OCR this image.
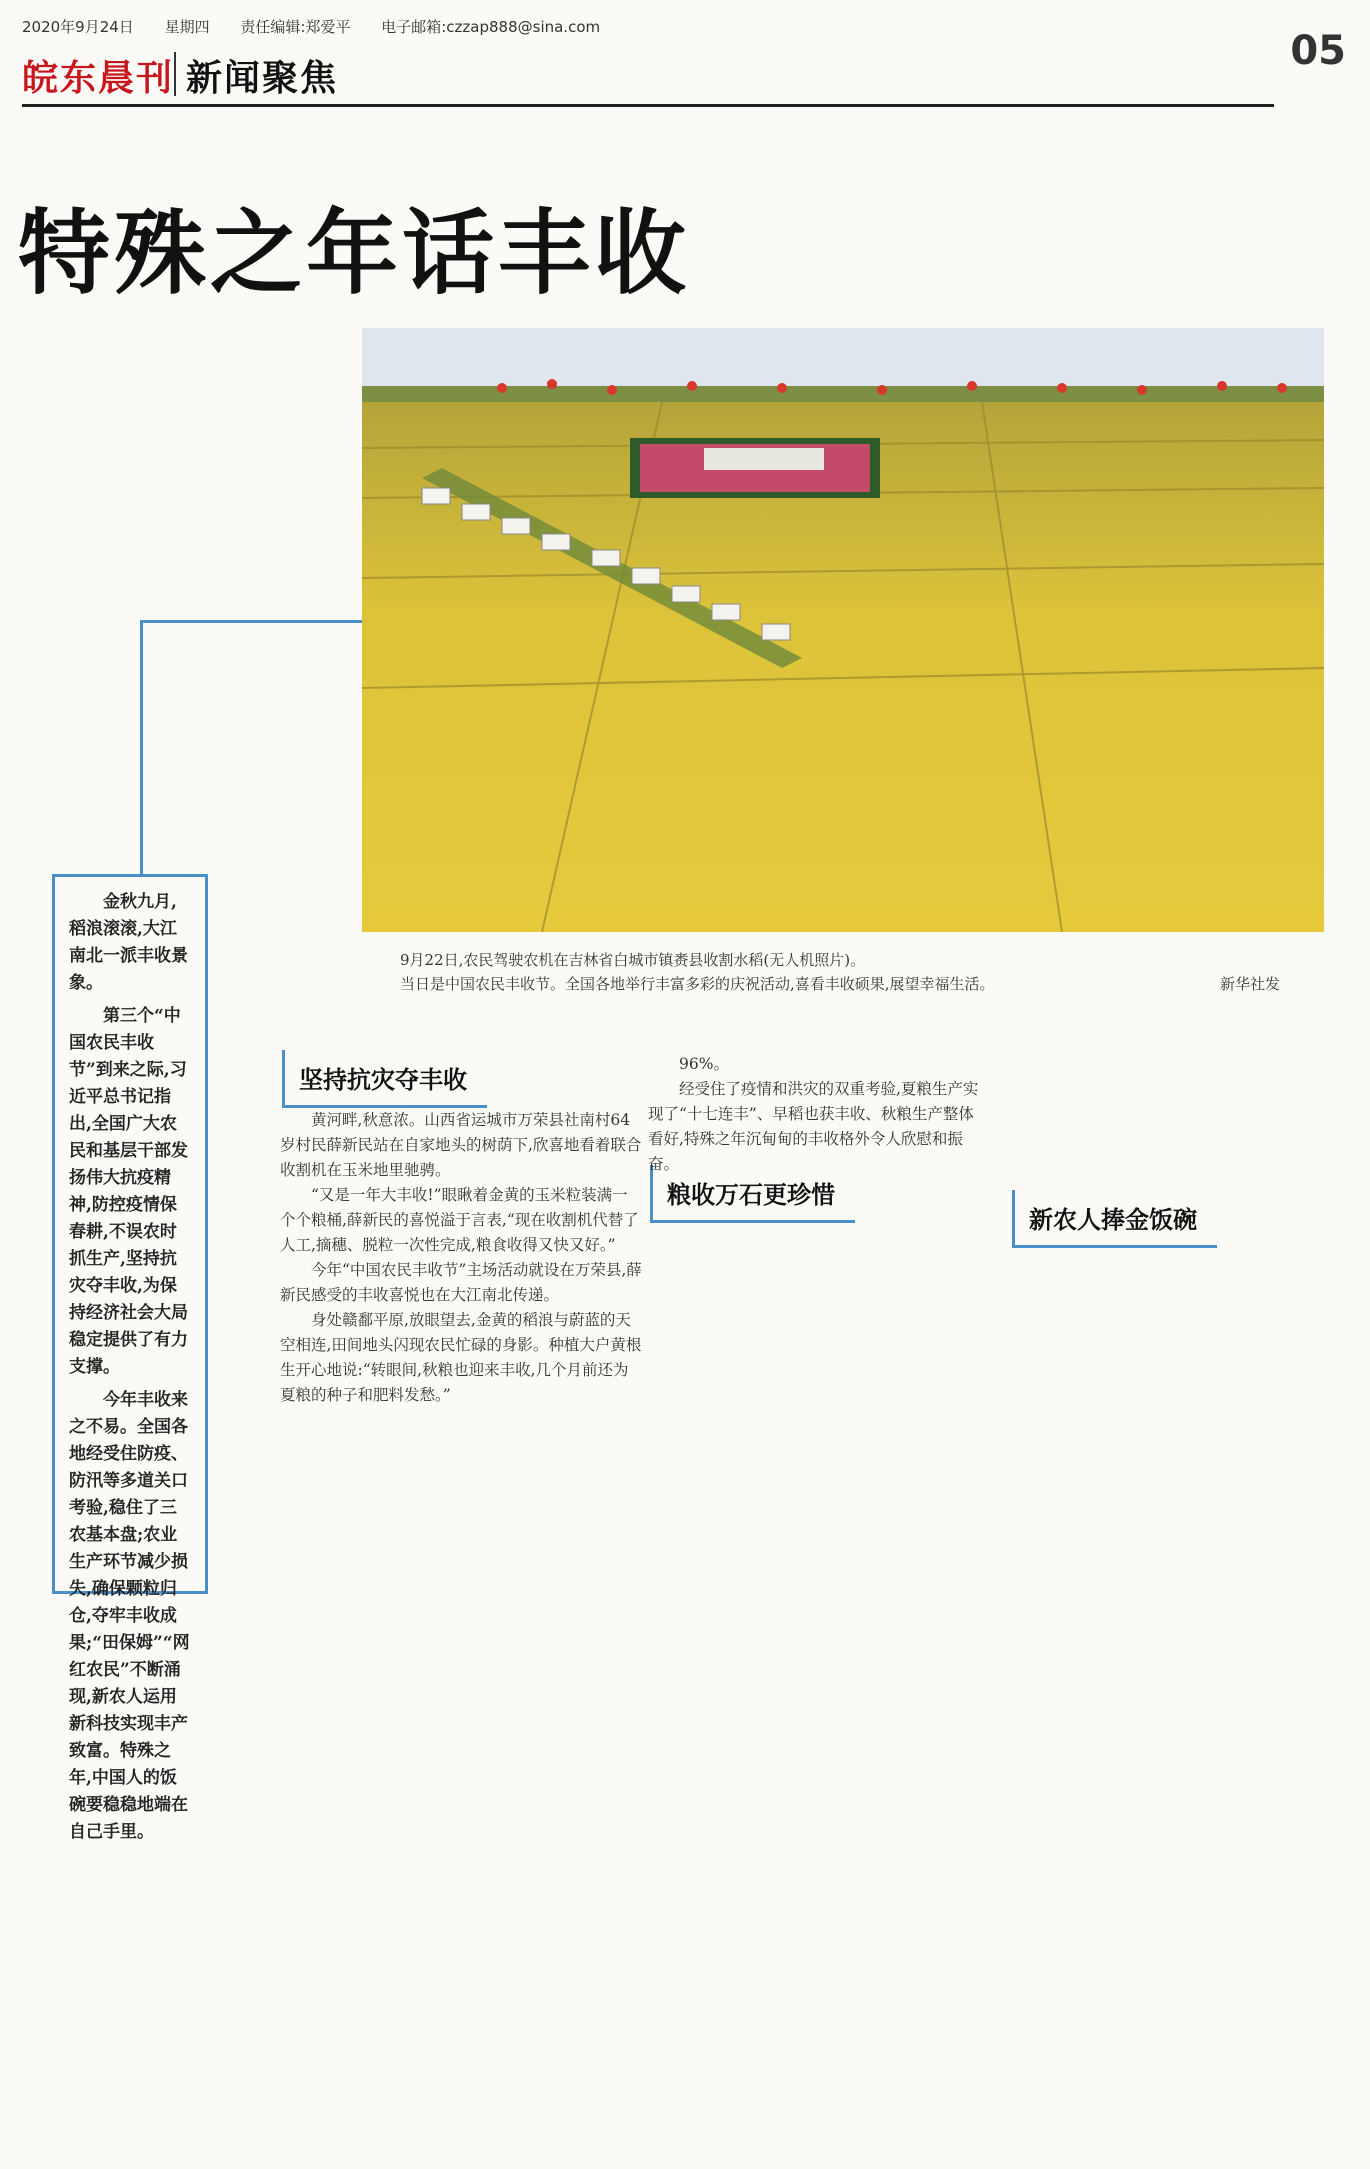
2020年9月24日 星期四 责任编辑:郑爱平 电子邮箱:czzap888@sina.com
皖东晨刊 新闻聚焦
05
特殊之年话丰收
9月22日,农民驾驶农机在吉林省白城市镇赉县收割水稻(无人机照片)。
当日是中国农民丰收节。全国各地举行丰富多彩的庆祝活动,喜看丰收硕果,展望幸福生活。	新华社发

金秋九月,稻浪滚滚,大江南北一派丰收景象。

第三个“中国农民丰收节”到来之际,习近平总书记指出,全国广大农民和基层干部发扬伟大抗疫精神,防控疫情保春耕,不误农时抓生产,坚持抗灾夺丰收,为保持经济社会大局稳定提供了有力支撑。

今年丰收来之不易。全国各地经受住防疫、防汛等多道关口考验,稳住了三农基本盘;农业生产环节减少损失,确保颗粒归仓,夺牢丰收成果;“田保姆”“网红农民”不断涌现,新农人运用新科技实现丰产致富。特殊之年,中国人的饭碗要稳稳地端在自己手里。

坚持抗灾夺丰收
粮收万石更珍惜
新农人捧金饭碗

黄河畔,秋意浓。山西省运城市万荣县社南村64岁村民薛新民站在自家地头的树荫下,欣喜地看着联合收割机在玉米地里驰骋。

“又是一年大丰收!”眼瞅着金黄的玉米粒装满一个个粮桶,薛新民的喜悦溢于言表,“现在收割机代替了人工,摘穗、脱粒一次性完成,粮食收得又快又好。”

今年“中国农民丰收节”主场活动就设在万荣县,薛新民感受的丰收喜悦也在大江南北传递。

身处赣鄱平原,放眼望去,金黄的稻浪与蔚蓝的天空相连,田间地头闪现农民忙碌的身影。种植大户黄根生开心地说:“转眼间,秋粮也迎来丰收,几个月前还为夏粮的种子和肥料发愁。”

96%。

经受住了疫情和洪灾的双重考验,夏粮生产实现了“十七连丰”、早稻也获丰收、秋粮生产整体看好,特殊之年沉甸甸的丰收格外令人欣慰和振奋。
